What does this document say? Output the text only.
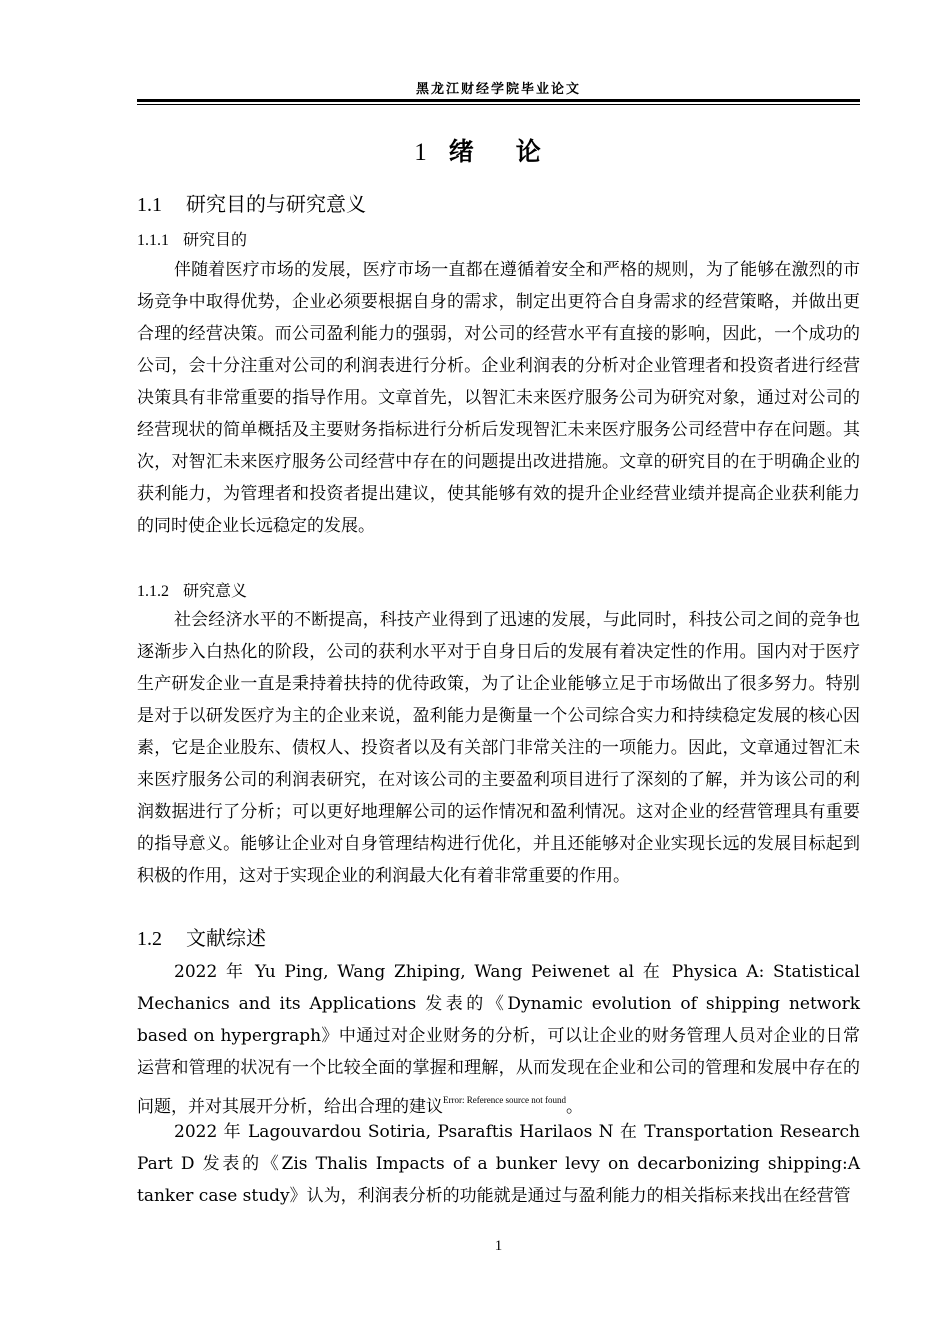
黑龙江财经学院毕业论文
1 绪论
1.1 研究目的与研究意义
1.1.1 研究目的
伴随着医疗市场的发展，医疗市场一直都在遵循着安全和严格的规则，为了能够在激烈的市场竞争中取得优势，企业必须要根据自身的需求，制定出更符合自身需求的经营策略，并做出更合理的经营决策。而公司盈利能力的强弱，对公司的经营水平有直接的影响，因此，一个成功的公司，会十分注重对公司的利润表进行分析。企业利润表的分析对企业管理者和投资者进行经营决策具有非常重要的指导作用。文章首先，以智汇未来医疗服务公司为研究对象，通过对公司的经营现状的简单概括及主要财务指标进行分析后发现智汇未来医疗服务公司经营中存在问题。其次，对智汇未来医疗服务公司经营中存在的问题提出改进措施。文章的研究目的在于明确企业的获利能力，为管理者和投资者提出建议，使其能够有效的提升企业经营业绩并提高企业获利能力的同时使企业长远稳定的发展。
1.1.2 研究意义
社会经济水平的不断提高，科技产业得到了迅速的发展，与此同时，科技公司之间的竞争也逐渐步入白热化的阶段，公司的获利水平对于自身日后的发展有着决定性的作用。国内对于医疗生产研发企业一直是秉持着扶持的优待政策，为了让企业能够立足于市场做出了很多努力。特别是对于以研发医疗为主的企业来说，盈利能力是衡量一个公司综合实力和持续稳定发展的核心因素，它是企业股东、债权人、投资者以及有关部门非常关注的一项能力。因此，文章通过智汇未来医疗服务公司的利润表研究，在对该公司的主要盈利项目进行了深刻的了解，并为该公司的利润数据进行了分析；可以更好地理解公司的运作情况和盈利情况。这对企业的经营管理具有重要的指导意义。能够让企业对自身管理结构进行优化，并且还能够对企业实现长远的发展目标起到积极的作用，这对于实现企业的利润最大化有着非常重要的作用。
1.2 文献综述
2022 年 Yu Ping, Wang Zhiping, Wang Peiwenet al 在 Physica A: Statistical Mechanics and its Applications 发表的《Dynamic evolution of shipping network based on hypergraph》中通过对企业财务的分析，可以让企业的财务管理人员对企业的日常运营和管理的状况有一个比较全面的掌握和理解，从而发现在企业和公司的管理和发展中存在的问题，并对其展开分析，给出合理的建议$^{Error: Reference source not found}$。
2022 年 Lagouvardou Sotiria, Psaraftis Harilaos N 在 Transportation Research Part D 发表的《Zis Thalis Impacts of a bunker levy on decarbonizing shipping:A tanker case study》认为，利润表分析的功能就是通过与盈利能力的相关指标来找出在经营管
1
